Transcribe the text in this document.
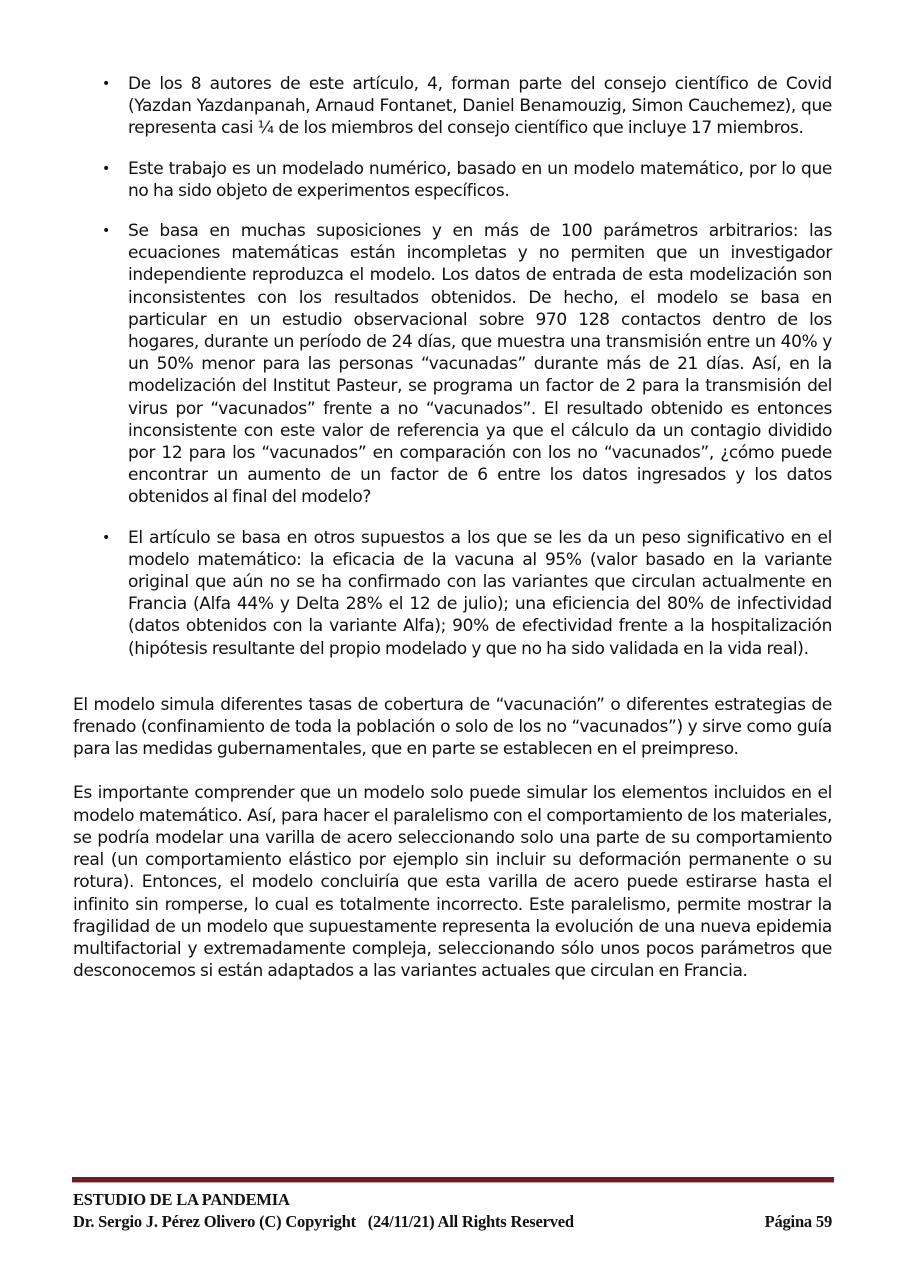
• De los 8 autores de este artículo, 4, forman parte del consejo científico de Covid (Yazdan Yazdanpanah, Arnaud Fontanet, Daniel Benamouzig, Simon Cauchemez), que representa casi ¼ de los miembros del consejo científico que incluye 17 miembros.
• Este trabajo es un modelado numérico, basado en un modelo matemático, por lo que no ha sido objeto de experimentos específicos.
• Se basa en muchas suposiciones y en más de 100 parámetros arbitrarios: las ecuaciones matemáticas están incompletas y no permiten que un investigador independiente reproduzca el modelo. Los datos de entrada de esta modelización son inconsistentes con los resultados obtenidos. De hecho, el modelo se basa en particular en un estudio observacional sobre 970 128 contactos dentro de los hogares, durante un período de 24 días, que muestra una transmisión entre un 40% y un 50% menor para las personas “vacunadas” durante más de 21 días. Así, en la modelización del Institut Pasteur, se programa un factor de 2 para la transmisión del virus por “vacunados” frente a no “vacunados”. El resultado obtenido es entonces inconsistente con este valor de referencia ya que el cálculo da un contagio dividido por 12 para los “vacunados” en comparación con los no “vacunados”, ¿cómo puede encontrar un aumento de un factor de 6 entre los datos ingresados y los datos obtenidos al final del modelo?
• El artículo se basa en otros supuestos a los que se les da un peso significativo en el modelo matemático: la eficacia de la vacuna al 95% (valor basado en la variante original que aún no se ha confirmado con las variantes que circulan actualmente en Francia (Alfa 44% y Delta 28% el 12 de julio); una eficiencia del 80% de infectividad (datos obtenidos con la variante Alfa); 90% de efectividad frente a la hospitalización (hipótesis resultante del propio modelado y que no ha sido validada en la vida real).

El modelo simula diferentes tasas de cobertura de “vacunación” o diferentes estrategias de frenado (confinamiento de toda la población o solo de los no “vacunados”) y sirve como guía para las medidas gubernamentales, que en parte se establecen en el preimpreso.

Es importante comprender que un modelo solo puede simular los elementos incluidos en el modelo matemático. Así, para hacer el paralelismo con el comportamiento de los materiales, se podría modelar una varilla de acero seleccionando solo una parte de su comportamiento real (un comportamiento elástico por ejemplo sin incluir su deformación permanente o su rotura). Entonces, el modelo concluiría que esta varilla de acero puede estirarse hasta el infinito sin romperse, lo cual es totalmente incorrecto. Este paralelismo, permite mostrar la fragilidad de un modelo que supuestamente representa la evolución de una nueva epidemia multifactorial y extremadamente compleja, seleccionando sólo unos pocos parámetros que desconocemos si están adaptados a las variantes actuales que circulan en Francia.

ESTUDIO DE LA PANDEMIA
Dr. Sergio J. Pérez Olivero (C) Copyright   (24/11/21) All Rights Reserved	Página 59
